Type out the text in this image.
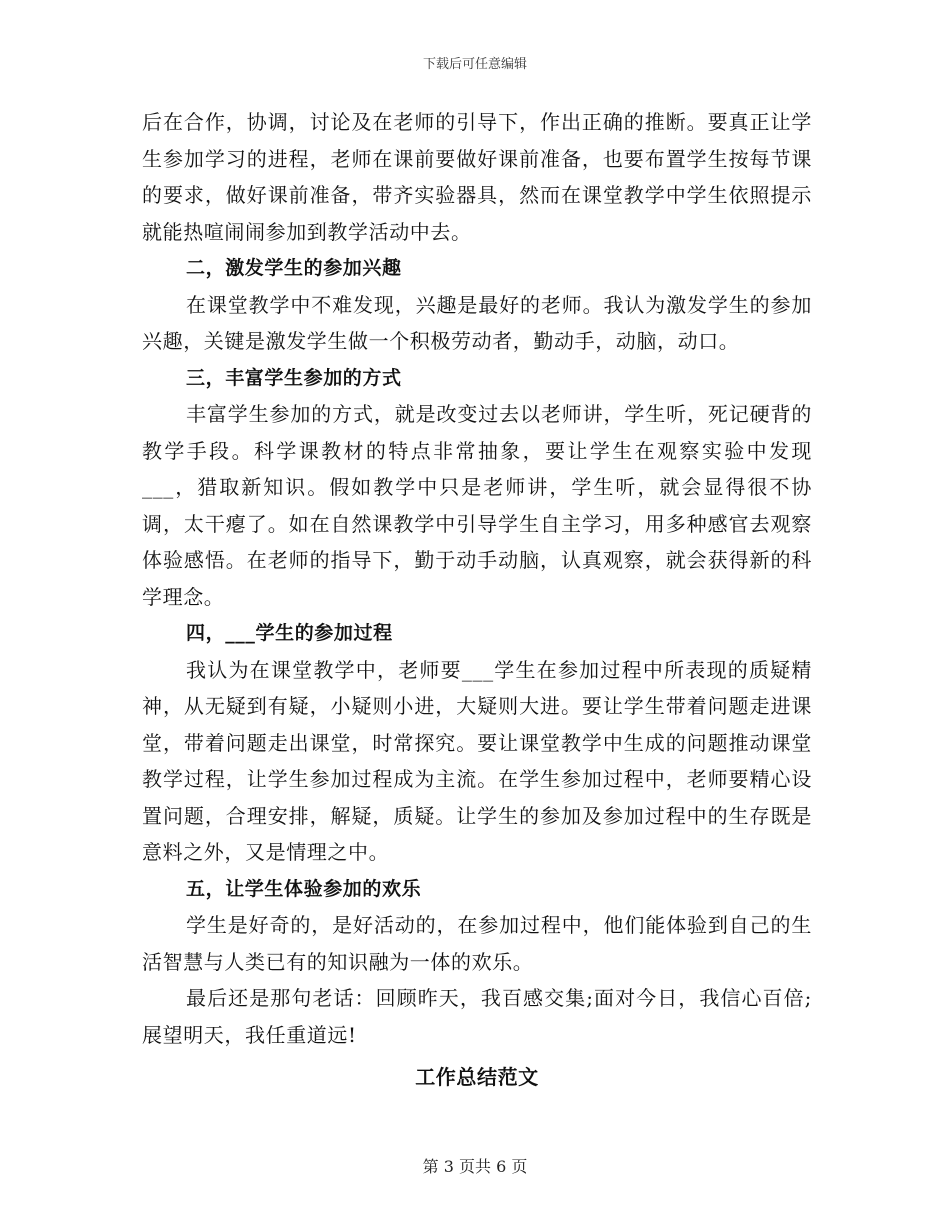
下载后可任意编辑

后在合作，协调，讨论及在老师的引导下，作出正确的推断。要真正让学生参加学习的进程，老师在课前要做好课前准备，也要布置学生按每节课的要求，做好课前准备，带齐实验器具，然而在课堂教学中学生依照提示就能热喧闹闹参加到教学活动中去。

二，激发学生的参加兴趣

在课堂教学中不难发现，兴趣是最好的老师。我认为激发学生的参加兴趣，关键是激发学生做一个积极劳动者，勤动手，动脑，动口。

三，丰富学生参加的方式

丰富学生参加的方式，就是改变过去以老师讲，学生听，死记硬背的教学手段。科学课教材的特点非常抽象，要让学生在观察实验中发现___，猎取新知识。假如教学中只是老师讲，学生听，就会显得很不协调，太干瘪了。如在自然课教学中引导学生自主学习，用多种感官去观察体验感悟。在老师的指导下，勤于动手动脑，认真观察，就会获得新的科学理念。

四，___学生的参加过程

我认为在课堂教学中，老师要___学生在参加过程中所表现的质疑精神，从无疑到有疑，小疑则小进，大疑则大进。要让学生带着问题走进课堂，带着问题走出课堂，时常探究。要让课堂教学中生成的问题推动课堂教学过程，让学生参加过程成为主流。在学生参加过程中，老师要精心设置问题，合理安排，解疑，质疑。让学生的参加及参加过程中的生存既是意料之外，又是情理之中。

五，让学生体验参加的欢乐

学生是好奇的，是好活动的，在参加过程中，他们能体验到自己的生活智慧与人类已有的知识融为一体的欢乐。

最后还是那句老话：回顾昨天，我百感交集;面对今日，我信心百倍;展望明天，我任重道远!

工作总结范文

第 3 页共 6 页
